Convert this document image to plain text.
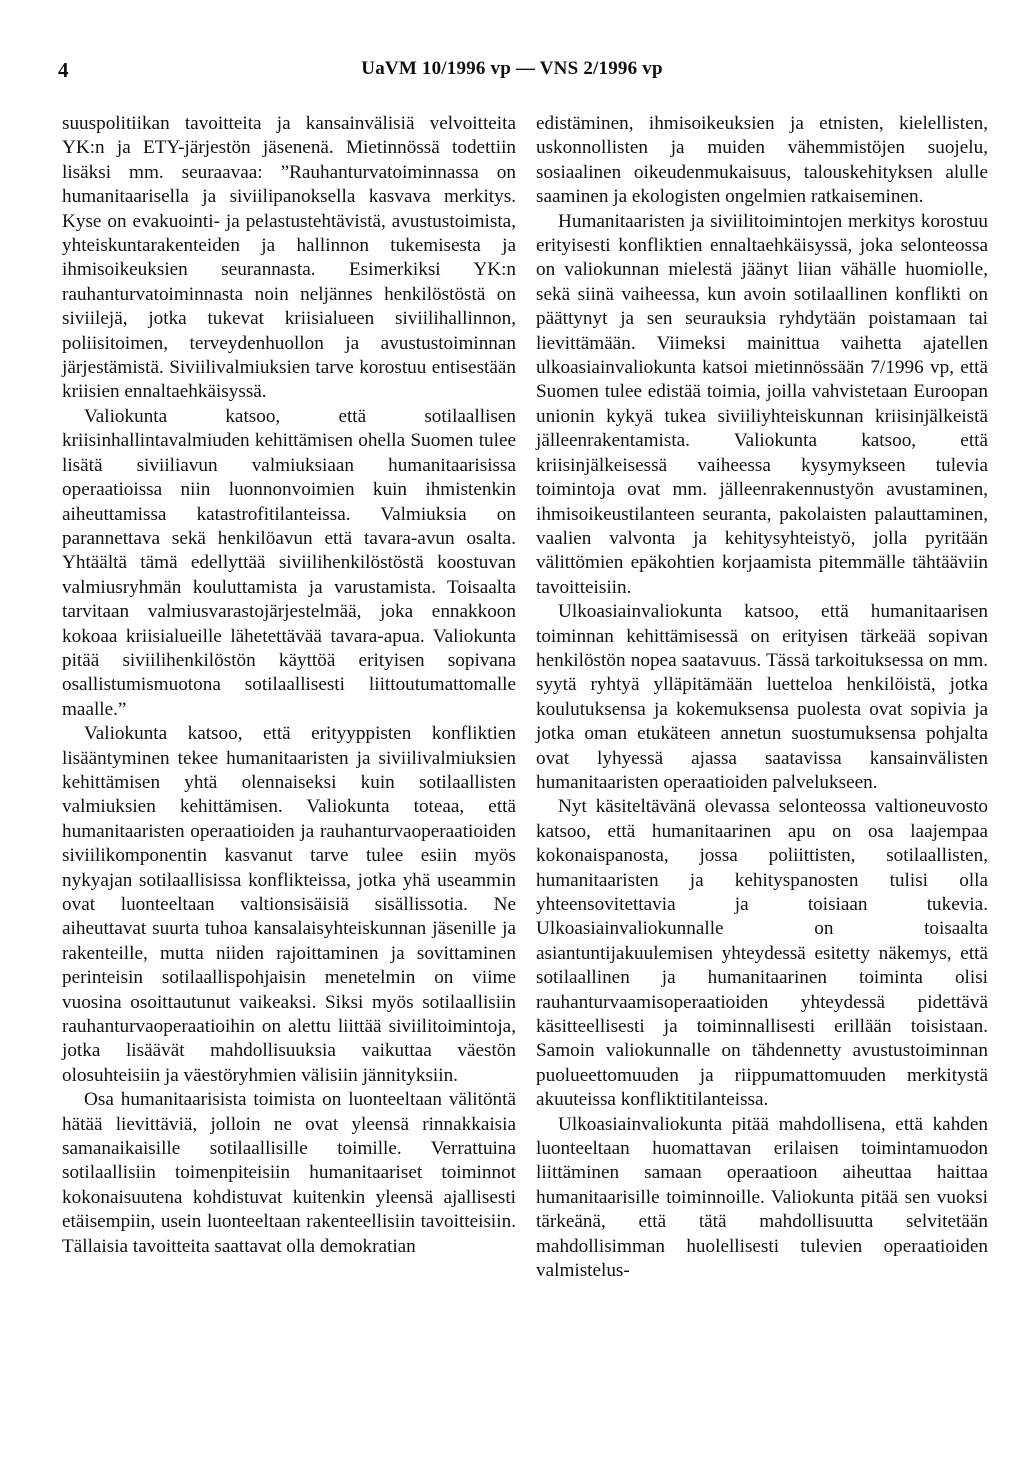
4	UaVM 10/1996 vp — VNS 2/1996 vp

suuspolitiikan tavoitteita ja kansainvälisiä velvoitteita YK:n ja ETY-järjestön jäsenenä. Mietinnössä todettiin lisäksi mm. seuraavaa: ”Rauhanturvatoiminnassa on humanitaarisella ja siviilipanoksella kasvava merkitys. Kyse on evakuointi- ja pelastustehtävistä, avustustoimista, yhteiskuntarakenteiden ja hallinnon tukemisesta ja ihmisoikeuksien seurannasta. Esimerkiksi YK:n rauhanturvatoiminnasta noin neljännes henkilöstöstä on siviilejä, jotka tukevat kriisialueen siviilihallinnon, poliisitoimen, terveydenhuollon ja avustustoiminnan järjestämistä. Siviilivalmiuksien tarve korostuu entisestään kriisien ennaltaehkäisyssä.

Valiokunta katsoo, että sotilaallisen kriisinhallintavalmiuden kehittämisen ohella Suomen tulee lisätä siviiliavun valmiuksiaan humanitaarisissa operaatioissa niin luonnonvoimien kuin ihmistenkin aiheuttamissa katastrofitilanteissa. Valmiuksia on parannettava sekä henkilöavun että tavara-avun osalta. Yhtäältä tämä edellyttää siviilihenkilöstöstä koostuvan valmiusryhmän kouluttamista ja varustamista. Toisaalta tarvitaan valmiusvarastojärjestelmää, joka ennakkoon kokoaa kriisialueille lähetettävää tavara-apua. Valiokunta pitää siviilihenkilöstön käyttöä erityisen sopivana osallistumismuotona sotilaallisesti liittoutumattomalle maalle.”

Valiokunta katsoo, että erityyppisten konfliktien lisääntyminen tekee humanitaaristen ja siviilivalmiuksien kehittämisen yhtä olennaiseksi kuin sotilaallisten valmiuksien kehittämisen. Valiokunta toteaa, että humanitaaristen operaatioiden ja rauhanturvaoperaatioiden siviilikomponentin kasvanut tarve tulee esiin myös nykyajan sotilaallisissa konflikteissa, jotka yhä useammin ovat luonteeltaan valtionsisäisiä sisällissotia. Ne aiheuttavat suurta tuhoa kansalaisyhteiskunnan jäsenille ja rakenteille, mutta niiden rajoittaminen ja sovittaminen perinteisin sotilaallispohjaisin menetelmin on viime vuosina osoittautunut vaikeaksi. Siksi myös sotilaallisiin rauhanturvaoperaatioihin on alettu liittää siviilitoimintoja, jotka lisäävät mahdollisuuksia vaikuttaa väestön olosuhteisiin ja väestöryhmien välisiin jännityksiin.

Osa humanitaarisista toimista on luonteeltaan välitöntä hätää lievittäviä, jolloin ne ovat yleensä rinnakkaisia samanaikaisille sotilaallisille toimille. Verrattuina sotilaallisiin toimenpiteisiin humanitaariset toiminnot kokonaisuutena kohdistuvat kuitenkin yleensä ajallisesti etäisempiin, usein luonteeltaan rakenteellisiin tavoitteisiin. Tällaisia tavoitteita saattavat olla demokratian

edistäminen, ihmisoikeuksien ja etnisten, kielellisten, uskonnollisten ja muiden vähemmistöjen suojelu, sosiaalinen oikeudenmukaisuus, talouskehityksen alulle saaminen ja ekologisten ongelmien ratkaiseminen.

Humanitaaristen ja siviilitoimintojen merkitys korostuu erityisesti konfliktien ennaltaehkäisyssä, joka selonteossa on valiokunnan mielestä jäänyt liian vähälle huomiolle, sekä siinä vaiheessa, kun avoin sotilaallinen konflikti on päättynyt ja sen seurauksia ryhdytään poistamaan tai lievittämään. Viimeksi mainittua vaihetta ajatellen ulkoasiainvaliokunta katsoi mietinnössään 7/1996 vp, että Suomen tulee edistää toimia, joilla vahvistetaan Euroopan unionin kykyä tukea siviiliyhteiskunnan kriisinjälkeistä jälleenrakentamista. Valiokunta katsoo, että kriisinjälkeisessä vaiheessa kysymykseen tulevia toimintoja ovat mm. jälleenrakennustyön avustaminen, ihmisoikeustilanteen seuranta, pakolaisten palauttaminen, vaalien valvonta ja kehitysyhteistyö, jolla pyritään välittömien epäkohtien korjaamista pitemmälle tähtääviin tavoitteisiin.

Ulkoasiainvaliokunta katsoo, että humanitaarisen toiminnan kehittämisessä on erityisen tärkeää sopivan henkilöstön nopea saatavuus. Tässä tarkoituksessa on mm. syytä ryhtyä ylläpitämään luetteloa henkilöistä, jotka koulutuksensa ja kokemuksensa puolesta ovat sopivia ja jotka oman etukäteen annetun suostumuksensa pohjalta ovat lyhyessä ajassa saatavissa kansainvälisten humanitaaristen operaatioiden palvelukseen.

Nyt käsiteltävänä olevassa selonteossa valtioneuvosto katsoo, että humanitaarinen apu on osa laajempaa kokonaispanosta, jossa poliittisten, sotilaallisten, humanitaaristen ja kehityspanosten tulisi olla yhteensovitettavia ja toisiaan tukevia. Ulkoasiainvaliokunnalle on toisaalta asiantuntijakuulemisen yhteydessä esitetty näkemys, että sotilaallinen ja humanitaarinen toiminta olisi rauhanturvaamisoperaatioiden yhteydessä pidettävä käsitteellisesti ja toiminnallisesti erillään toisistaan. Samoin valiokunnalle on tähdennetty avustustoiminnan puolueettomuuden ja riippumattomuuden merkitystä akuuteissa konfliktitilanteissa.

Ulkoasiainvaliokunta pitää mahdollisena, että kahden luonteeltaan huomattavan erilaisen toimintamuodon liittäminen samaan operaatioon aiheuttaa haittaa humanitaarisille toiminnoille. Valiokunta pitää sen vuoksi tärkeänä, että tätä mahdollisuutta selvitetään mahdollisimman huolellisesti tulevien operaatioiden valmistelus-
